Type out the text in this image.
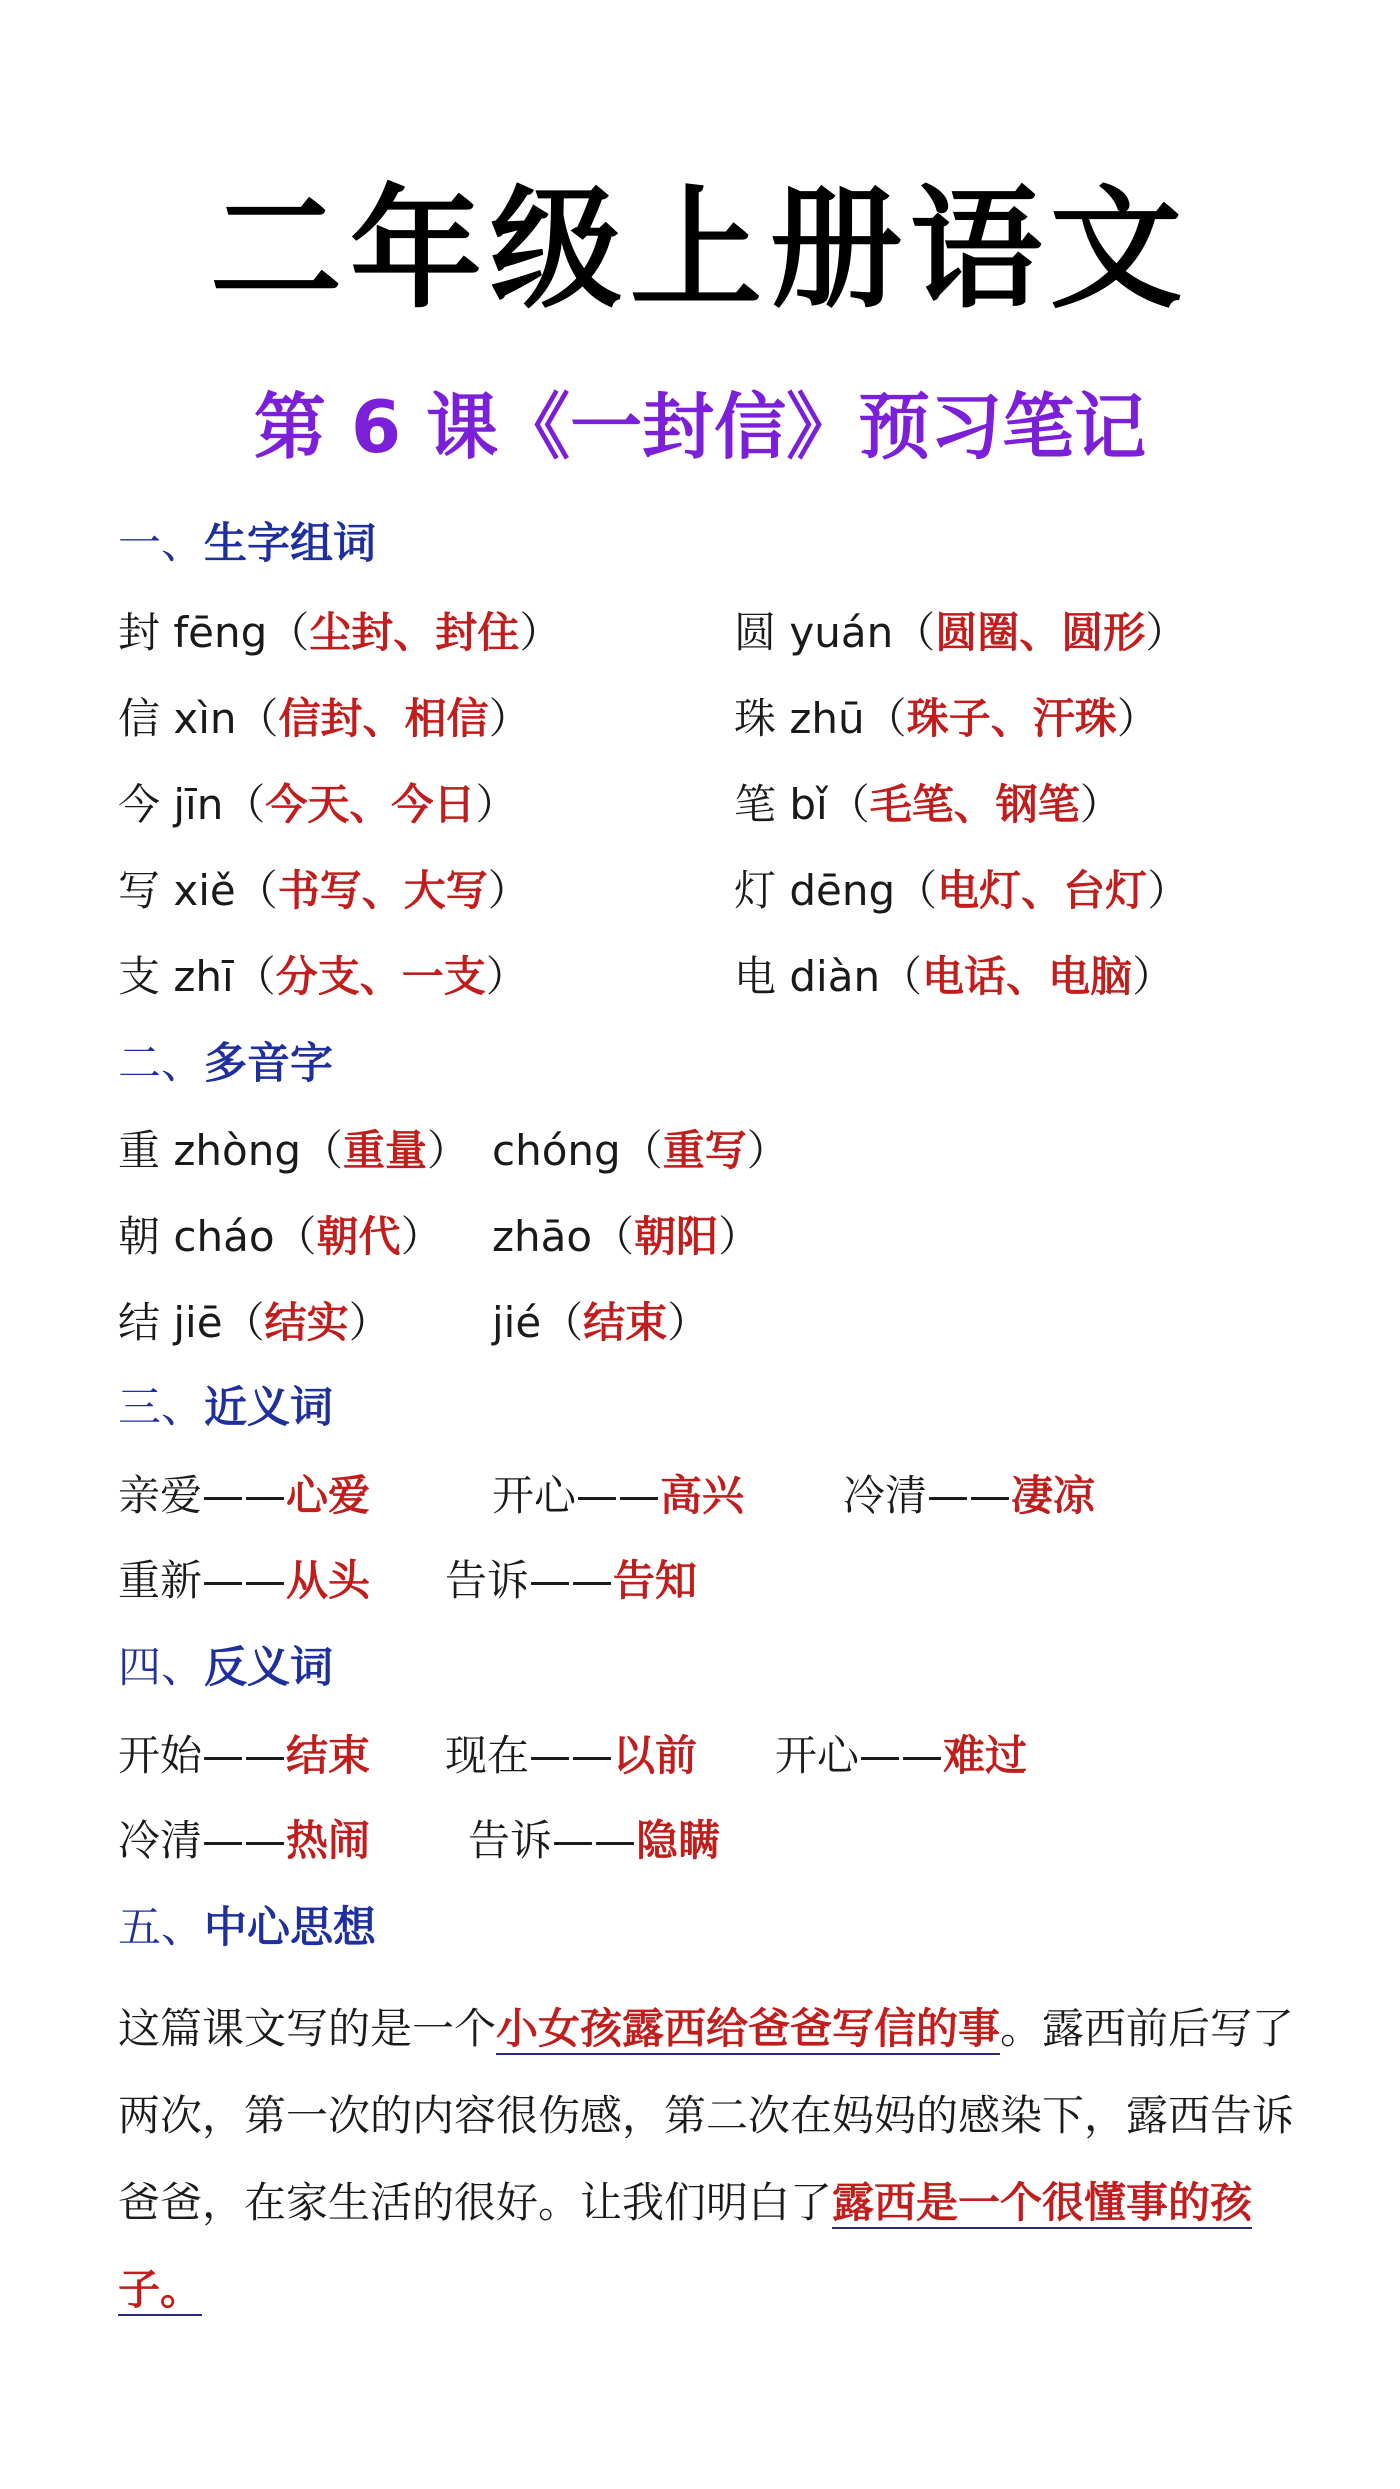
二年级上册语文
第 6 课《一封信》预习笔记
一、生字组词
封 fēng（尘封、封住）	圆 yuán（圆圈、圆形）
信 xìn（信封、相信）	珠 zhū（珠子、汗珠）
今 jīn（今天、今日）	笔 bǐ（毛笔、钢笔）
写 xiě（书写、大写）	灯 dēng（电灯、台灯）
支 zhī（分支、一支）	电 diàn（电话、电脑）
二、多音字
重 zhòng（重量） chóng（重写）
朝 cháo（朝代） zhāo（朝阳）
结 jiē（结实） jié（结束）
三、近义词
亲爱——心爱	开心——高兴 冷清——凄凉
重新——从头 告诉——告知
四、反义词
开始——结束 现在——以前 开心——难过
冷清——热闹 告诉——隐瞒
五、中心思想
这篇课文写的是一个小女孩露西给爸爸写信的事。露西前后写了两次，第一次的内容很伤感，第二次在妈妈的感染下，露西告诉爸爸，在家生活的很好。让我们明白了露西是一个很懂事的孩子。
